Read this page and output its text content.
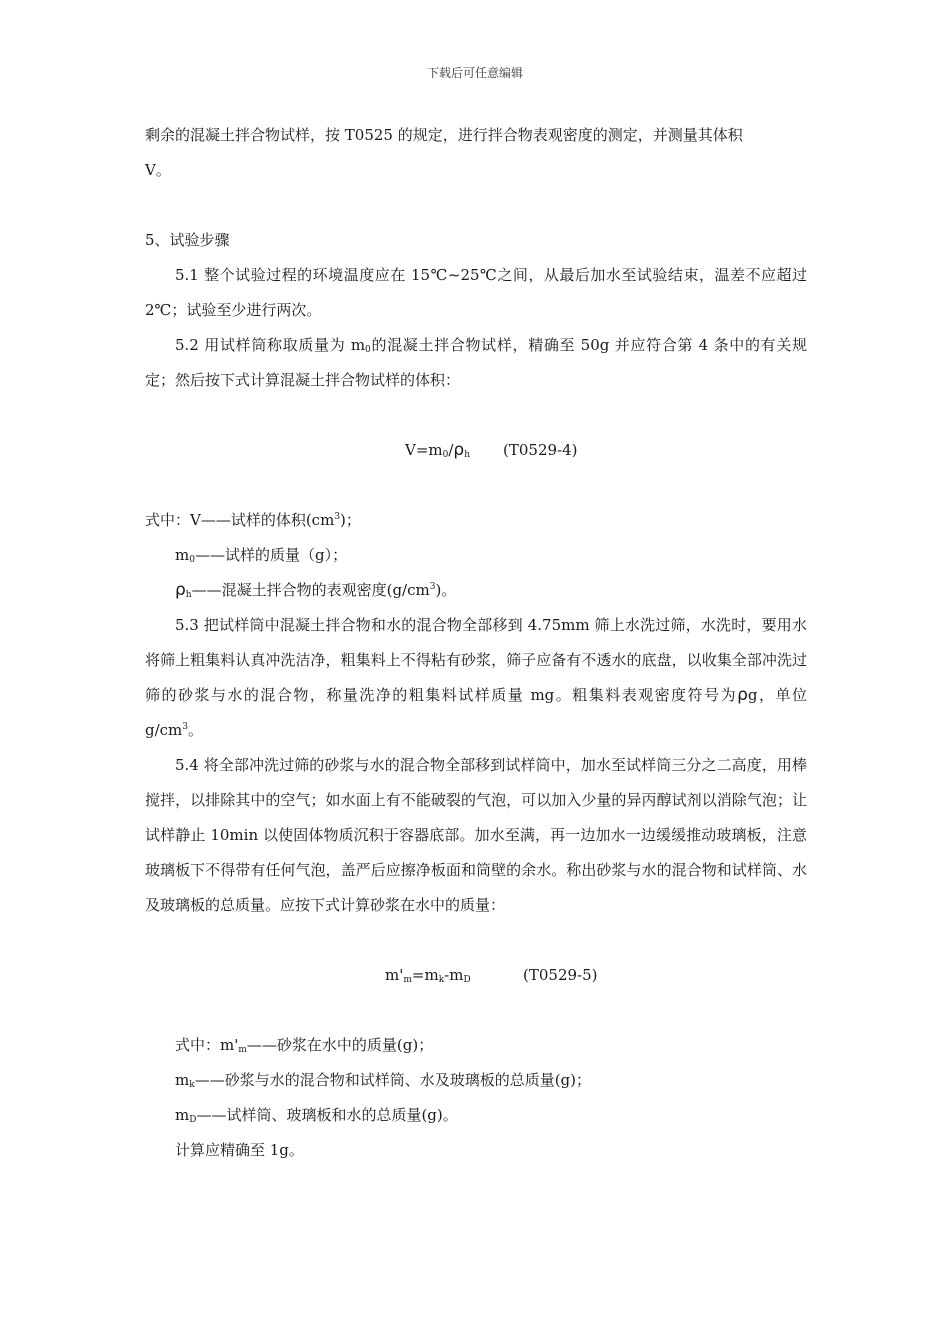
下载后可任意编辑

剩余的混凝土拌合物试样，按 T0525 的规定，进行拌合物表观密度的测定，并测量其体积

V。

5、试验步骤

5.1 整个试验过程的环境温度应在 15℃~25℃之间，从最后加水至试验结束，温差不应超过 2℃；试验至少进行两次。

5.2 用试样筒称取质量为 $m_0$的混凝土拌合物试样，精确至 50g 并应符合第 4 条中的有关规定；然后按下式计算混凝土拌合物试样的体积：

$V=m_0/\rho_h$ (T0529-4)

式中：V——试样的体积$(cm^3)$；

$m_0——$试样的质量（g）；

$\rho_h——$混凝土拌合物的表观密度$(g/cm^3)$。

5.3 把试样筒中混凝土拌合物和水的混合物全部移到 4.75mm 筛上水洗过筛，水洗时，要用水将筛上粗集料认真冲洗洁净，粗集料上不得粘有砂浆，筛子应备有不透水的底盘，以收集全部冲洗过筛的砂浆与水的混合物，称量洗净的粗集料试样质量 mg。粗集料表观密度符号为ρg，单位 $g/cm^3$。

5.4 将全部冲洗过筛的砂浆与水的混合物全部移到试样筒中，加水至试样筒三分之二高度，用棒搅拌，以排除其中的空气；如水面上有不能破裂的气泡，可以加入少量的异丙醇试剂以消除气泡；让试样静止 10min 以使固体物质沉积于容器底部。加水至满，再一边加水一边缓缓推动玻璃板，注意玻璃板下不得带有任何气泡，盖严后应擦净板面和筒壁的余水。称出砂浆与水的混合物和试样筒、水及玻璃板的总质量。应按下式计算砂浆在水中的质量：

$m'_m=m_k-m_D$	(T0529-5)

式中：$m'_m——$砂浆在水中的质量(g)；

$m_k——$砂浆与水的混合物和试样筒、水及玻璃板的总质量(g)；

$m_D——$试样筒、玻璃板和水的总质量(g)。

计算应精确至 1g。
